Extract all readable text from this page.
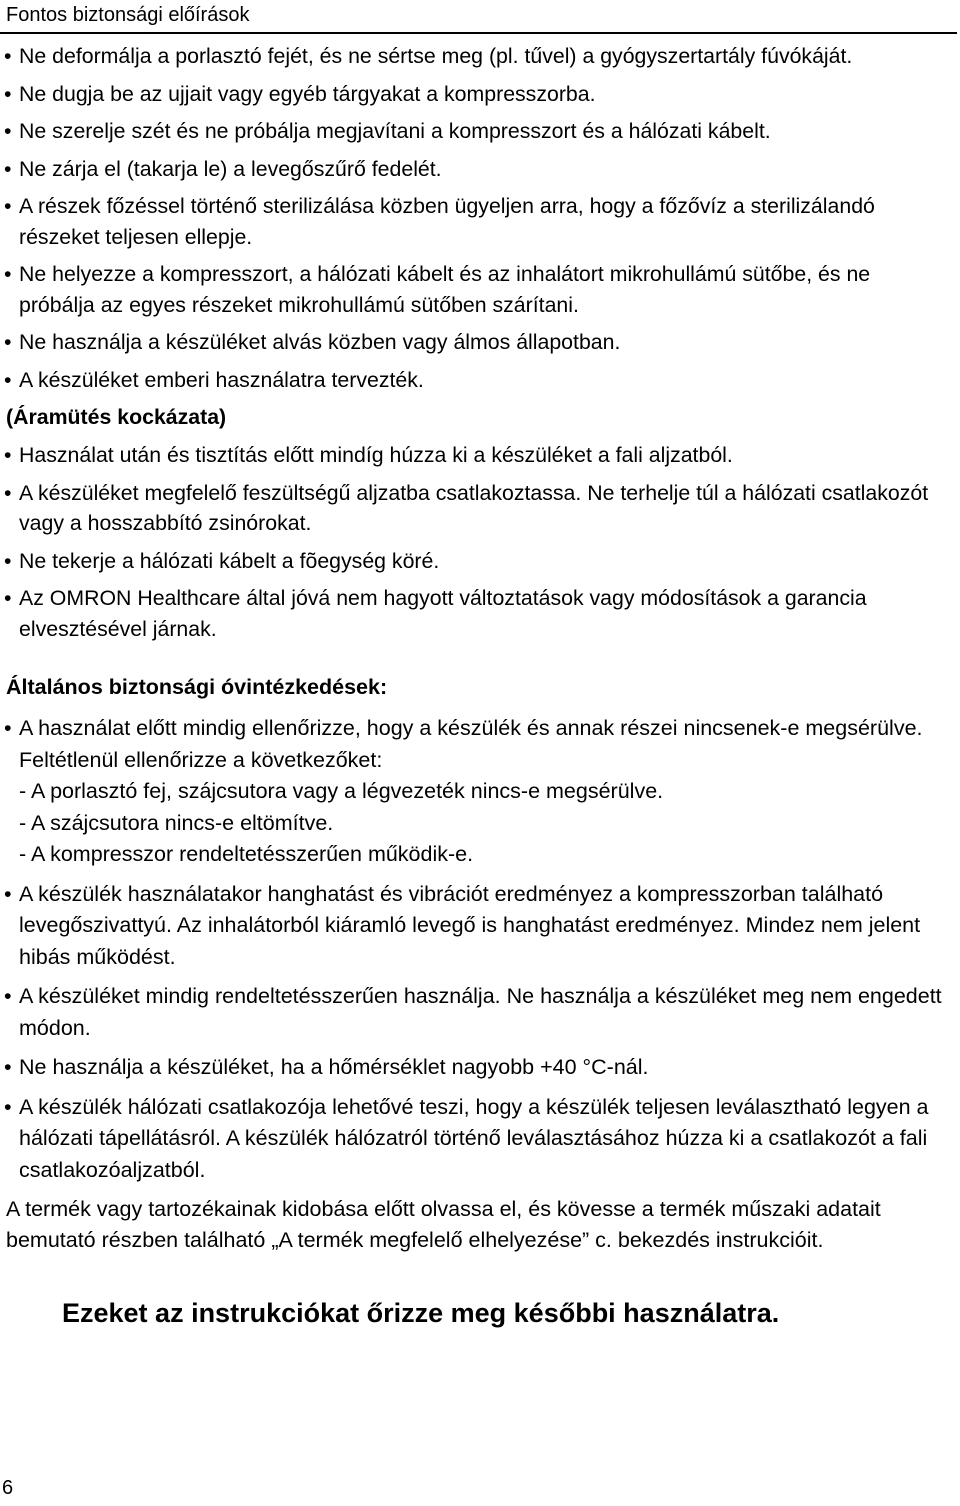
Fontos biztonsági előírások
• Ne deformálja a porlasztó fejét, és ne sértse meg (pl. tűvel) a gyógyszertartály fúvókáját.
• Ne dugja be az ujjait vagy egyéb tárgyakat a kompresszorba.
• Ne szerelje szét és ne próbálja megjavítani a kompresszort és a hálózati kábelt.
• Ne zárja el (takarja le) a levegőszűrő fedelét.
• A részek főzéssel történő sterilizálása közben ügyeljen arra, hogy a főzővíz a sterilizálandó részeket teljesen ellepje.
• Ne helyezze a kompresszort, a hálózati kábelt és az inhalátort mikrohullámú sütőbe, és ne próbálja az egyes részeket mikrohullámú sütőben szárítani.
• Ne használja a készüléket alvás közben vagy álmos állapotban.
• A készüléket emberi használatra tervezték.
(Áramütés kockázata)
• Használat után és tisztítás előtt mindíg húzza ki a készüléket a fali aljzatból.
• A készüléket megfelelő feszültségű aljzatba csatlakoztassa. Ne terhelje túl a hálózati csatlakozót vagy a hosszabbító zsinórokat.
• Ne tekerje a hálózati kábelt a fõegység köré.
• Az OMRON Healthcare által jóvá nem hagyott változtatások vagy módosítások a garancia elvesztésével járnak.
Általános biztonsági óvintézkedések:
• A használat előtt mindig ellenőrizze, hogy a készülék és annak részei nincsenek-e megsérülve. Feltétlenül ellenőrizze a következőket:
- A porlasztó fej, szájcsutora vagy a légvezeték nincs-e megsérülve.
- A szájcsutora nincs-e eltömítve.
- A kompresszor rendeltetésszerűen működik-e.
• A készülék használatakor hanghatást és vibrációt eredményez a kompresszorban található levegőszivattyú. Az inhalátorból kiáramló levegő is hanghatást eredményez. Mindez nem jelent hibás működést.
• A készüléket mindig rendeltetésszerűen használja. Ne használja a készüléket meg nem engedett módon.
• Ne használja a készüléket, ha a hőmérséklet nagyobb +40 °C-nál.
• A készülék hálózati csatlakozója lehetővé teszi, hogy a készülék teljesen leválasztható legyen a hálózati tápellátásról. A készülék hálózatról történő leválasztásához húzza ki a csatlakozót a fali csatlakozóaljzatból.
A termék vagy tartozékainak kidobása előtt olvassa el, és kövesse a termék műszaki adatait bemutató részben található „A termék megfelelő elhelyezése” c. bekezdés instrukcióit.
Ezeket az instrukciókat őrizze meg későbbi használatra.
6
